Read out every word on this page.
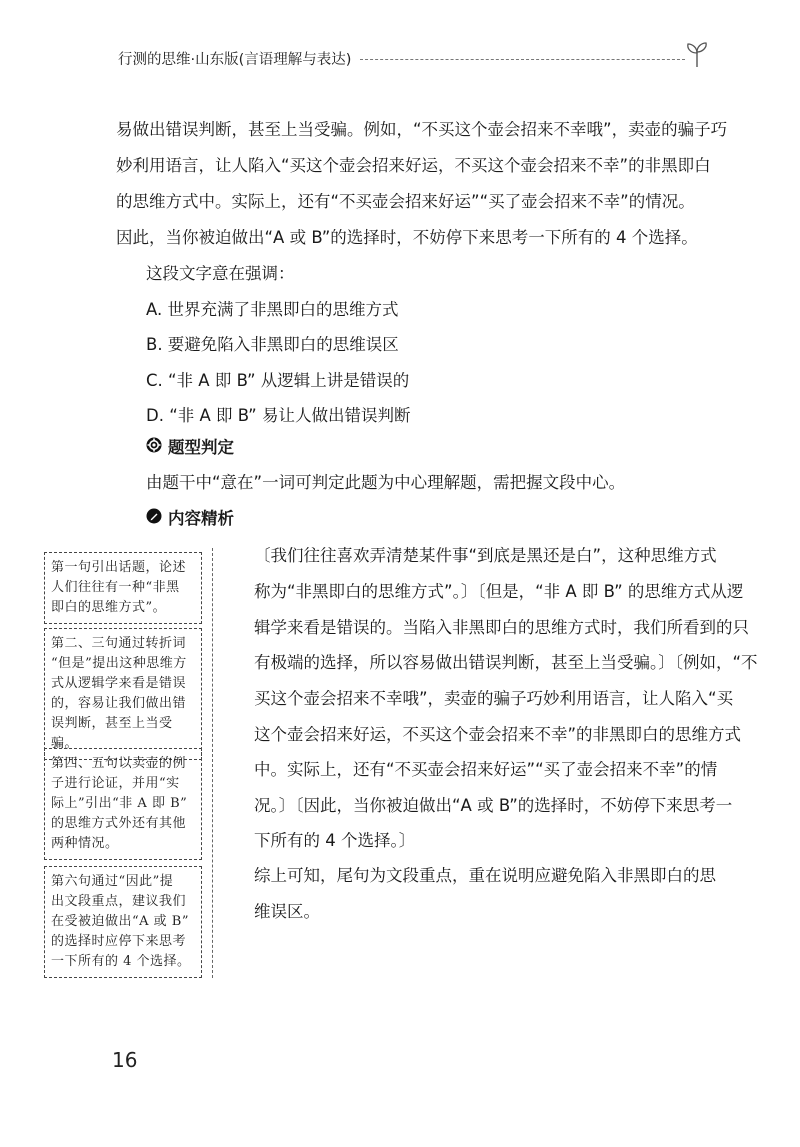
行测的思维·山东版(言语理解与表达)

易做出错误判断，甚至上当受骗。例如，“不买这个壶会招来不幸哦”，卖壶的骗子巧

妙利用语言，让人陷入“买这个壶会招来好运，不买这个壶会招来不幸”的非黑即白

的思维方式中。实际上，还有“不买壶会招来好运”“买了壶会招来不幸”的情况。

因此，当你被迫做出“A 或 B”的选择时，不妨停下来思考一下所有的 4 个选择。

这段文字意在强调：

A. 世界充满了非黑即白的思维方式

B. 要避免陷入非黑即白的思维误区

C. “非 A 即 B” 从逻辑上讲是错误的

D. “非 A 即 B” 易让人做出错误判断

题型判定

由题干中“意在”一词可判定此题为中心理解题，需把握文段中心。

内容精析

〔我们往往喜欢弄清楚某件事“到底是黑还是白”，这种思维方式

称为“非黑即白的思维方式”。〕〔但是，“非 A 即 B” 的思维方式从逻

辑学来看是错误的。当陷入非黑即白的思维方式时，我们所看到的只

有极端的选择，所以容易做出错误判断，甚至上当受骗。〕〔例如，“不

买这个壶会招来不幸哦”，卖壶的骗子巧妙利用语言，让人陷入“买

这个壶会招来好运，不买这个壶会招来不幸”的非黑即白的思维方式

中。实际上，还有“不买壶会招来好运”“买了壶会招来不幸”的情

况。〕〔因此，当你被迫做出“A 或 B”的选择时，不妨停下来思考一

下所有的 4 个选择。〕

综上可知，尾句为文段重点，重在说明应避免陷入非黑即白的思

维误区。

第一句引出话题，论述
人们往往有一种“非黑
即白的思维方式”。
第二、三句通过转折词
“但是”提出这种思维方
式从逻辑学来看是错误
的，容易让我们做出错
误判断，甚至上当受骗。
第四、五句以卖壶的例
子进行论证，并用“实
际上”引出“非 A 即 B”
的思维方式外还有其他
两种情况。
第六句通过“因此”提
出文段重点，建议我们
在受被迫做出“A 或 B”
的选择时应停下来思考
一下所有的 4 个选择。
16
